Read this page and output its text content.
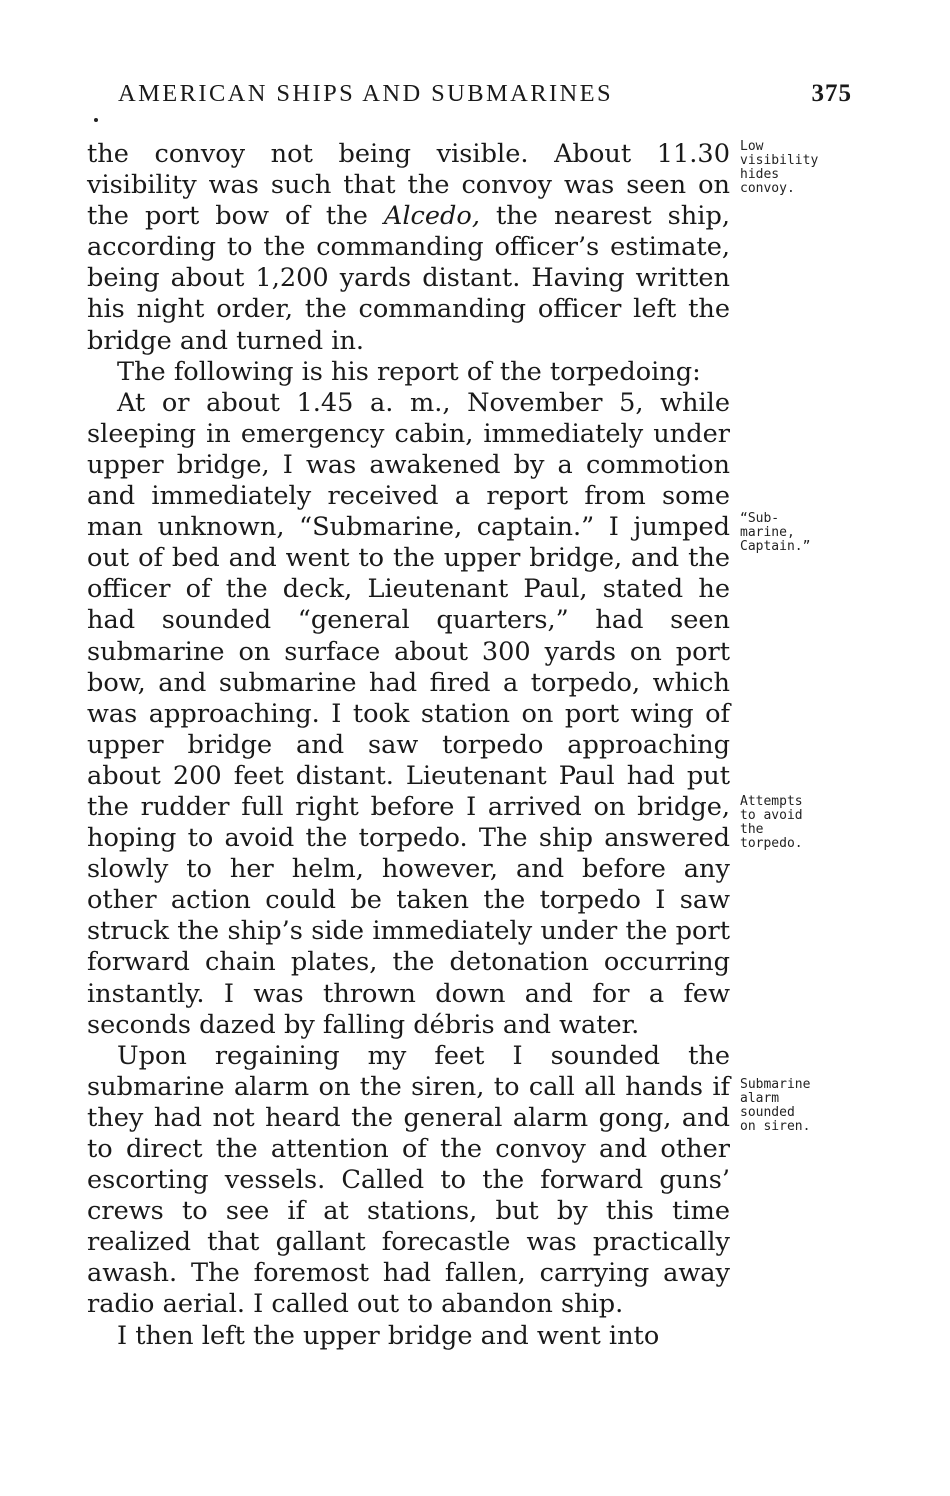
AMERICAN SHIPS AND SUBMARINES	375

the convoy not being visible. About 11.30 visibility was such that the convoy was seen on the port bow of the Alcedo, the nearest ship, according to the commanding officer’s estimate, being about 1,200 yards distant. Having written his night order, the commanding officer left the bridge and turned in.

The following is his report of the torpedoing:

At or about 1.45 a. m., November 5, while sleeping in emergency cabin, immediately under upper bridge, I was awakened by a commotion and immediately received a report from some man unknown, “Submarine, captain.” I jumped out of bed and went to the upper bridge, and the officer of the deck, Lieutenant Paul, stated he had sounded “general quarters,” had seen submarine on surface about 300 yards on port bow, and submarine had fired a torpedo, which was approaching. I took station on port wing of upper bridge and saw torpedo approaching about 200 feet distant. Lieutenant Paul had put the rudder full right before I arrived on bridge, hoping to avoid the torpedo. The ship answered slowly to her helm, however, and before any other action could be taken the torpedo I saw struck the ship’s side immediately under the port forward chain plates, the detonation occurring instantly. I was thrown down and for a few seconds dazed by falling débris and water.

Upon regaining my feet I sounded the submarine alarm on the siren, to call all hands if they had not heard the general alarm gong, and to direct the attention of the convoy and other escorting vessels. Called to the forward guns’ crews to see if at stations, but by this time realized that gallant forecastle was practically awash. The foremost had fallen, carrying away radio aerial. I called out to abandon ship.

I then left the upper bridge and went into

Low
visibility
hides
convoy.
“Sub-
marine,
Captain.”
Attempts
to avoid
the
torpedo.
Submarine
alarm
sounded
on siren.
